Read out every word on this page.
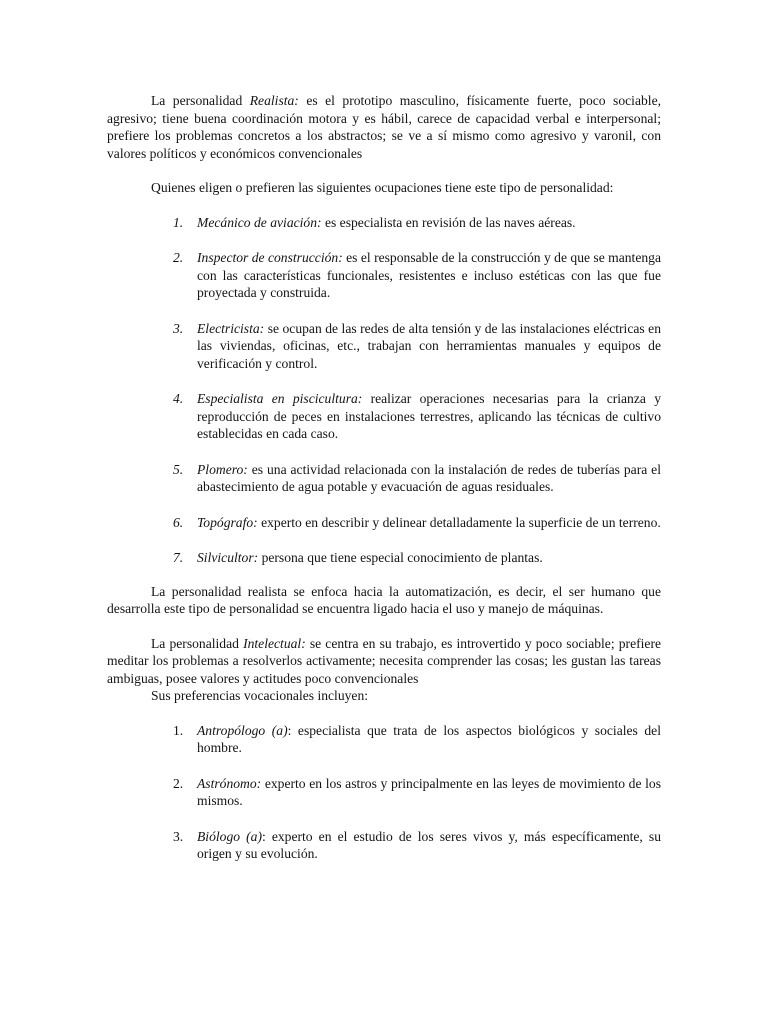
La personalidad Realista: es el prototipo masculino, físicamente fuerte, poco sociable, agresivo; tiene buena coordinación motora y es hábil, carece de capacidad verbal e interpersonal; prefiere los problemas concretos a los abstractos; se ve a sí mismo como agresivo y varonil, con valores políticos y económicos convencionales

Quienes eligen o prefieren las siguientes ocupaciones tiene este tipo de personalidad:

1.	Mecánico de aviación: es especialista en revisión de las naves aéreas.
2.	Inspector de construcción: es el responsable de la construcción y de que se mantenga con las características funcionales, resistentes e incluso estéticas con las que fue proyectada y construida.
3.	Electricista: se ocupan de las redes de alta tensión y de las instalaciones eléctricas en las viviendas, oficinas, etc., trabajan con herramientas manuales y equipos de verificación y control.
4.	Especialista en piscicultura: realizar operaciones necesarias para la crianza y reproducción de peces en instalaciones terrestres, aplicando las técnicas de cultivo establecidas en cada caso.
5.	Plomero: es una actividad relacionada con la instalación de redes de tuberías para el abastecimiento de agua potable y evacuación de aguas residuales.
6.	Topógrafo: experto en describir y delinear detalladamente la superficie de un terreno.
7.	Silvicultor: persona que tiene especial conocimiento de plantas.

La personalidad realista se enfoca hacia la automatización, es decir, el ser humano que desarrolla este tipo de personalidad se encuentra ligado hacia el uso y manejo de máquinas.

La personalidad Intelectual: se centra en su trabajo, es introvertido y poco sociable; prefiere meditar los problemas a resolverlos activamente; necesita comprender las cosas; les gustan las tareas ambiguas, posee valores y actitudes poco convencionales

Sus preferencias vocacionales incluyen:

1.	Antropólogo (a): especialista que trata de los aspectos biológicos y sociales del hombre.
2.	Astrónomo: experto en los astros y principalmente en las leyes de movimiento de los mismos.
3.	Biólogo (a): experto en el estudio de los seres vivos y, más específicamente, su origen y su evolución.
